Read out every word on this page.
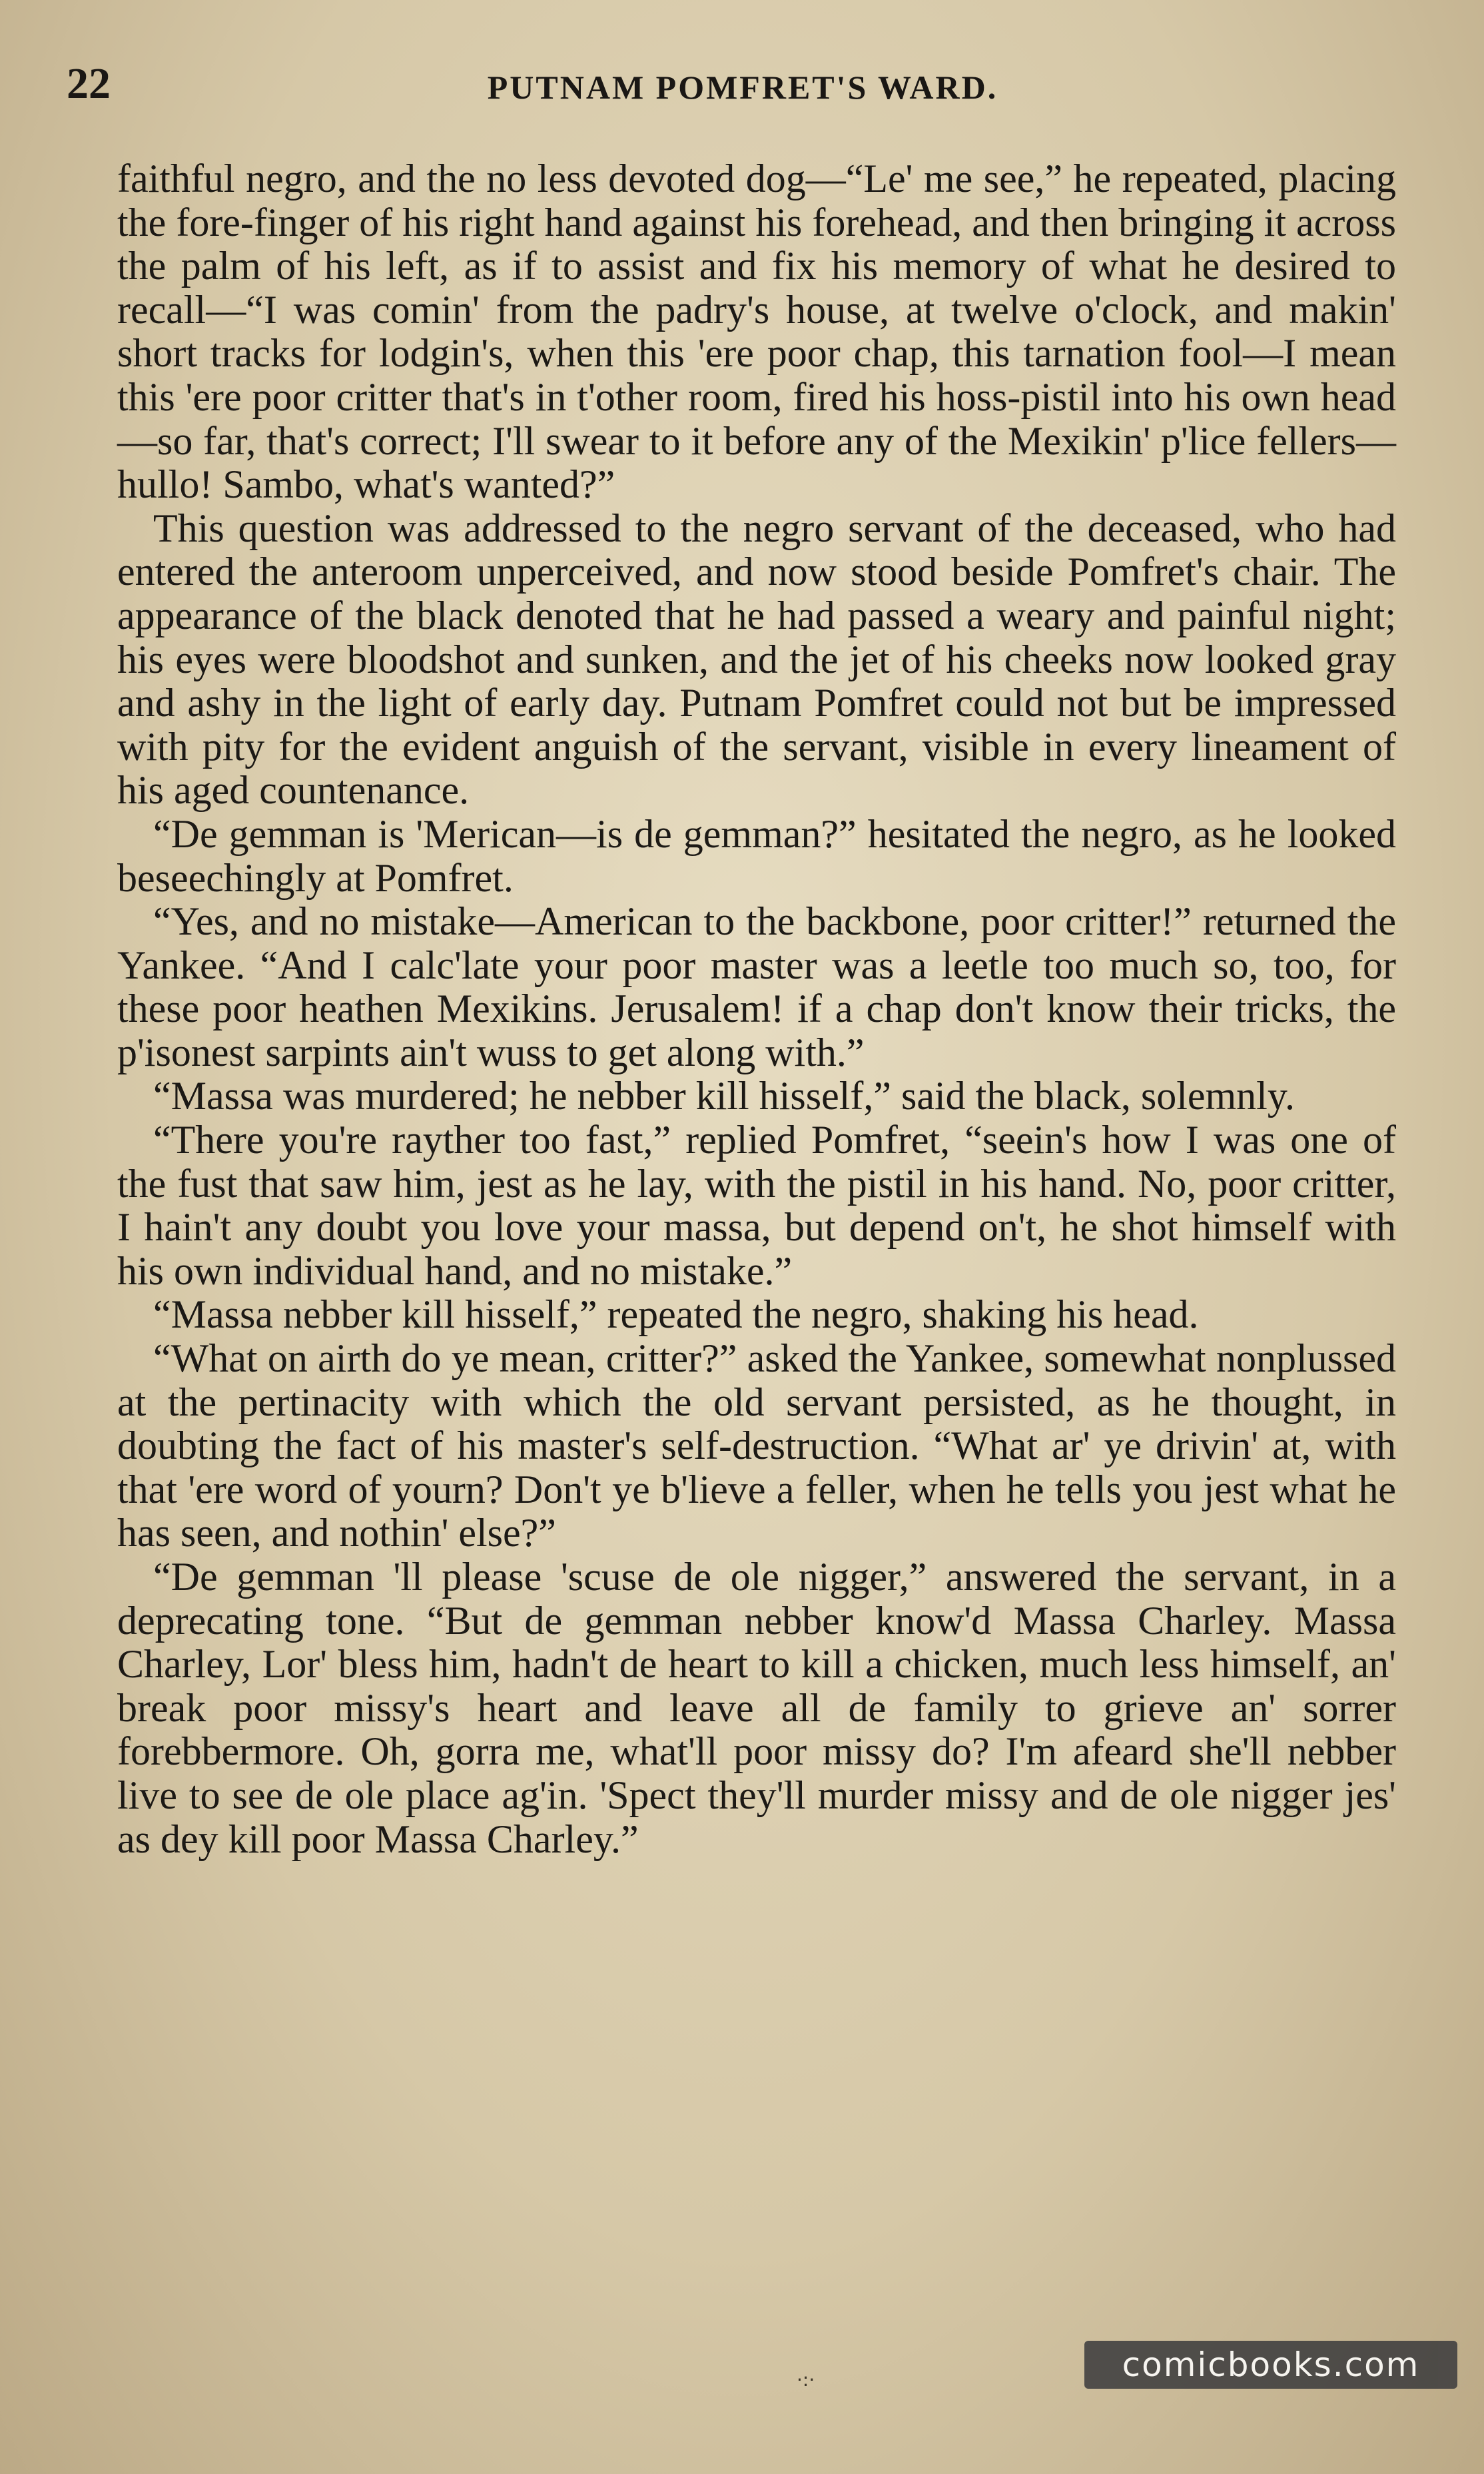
22	PUTNAM POMFRET'S WARD.

faithful negro, and the no less devoted dog—“Le' me see,” he repeated, placing the fore-finger of his right hand against his forehead, and then bringing it across the palm of his left, as if to assist and fix his memory of what he desired to recall—“I was comin' from the padry's house, at twelve o'clock, and makin' short tracks for lodgin's, when this 'ere poor chap, this tarnation fool—I mean this 'ere poor critter that's in t'other room, fired his hoss-pistil into his own head—so far, that's correct; I'll swear to it before any of the Mexikin' p'lice fellers—hullo! Sambo, what's wanted?”

This question was addressed to the negro servant of the deceased, who had entered the anteroom unperceived, and now stood beside Pomfret's chair. The appearance of the black denoted that he had passed a weary and painful night; his eyes were bloodshot and sunken, and the jet of his cheeks now looked gray and ashy in the light of early day. Putnam Pomfret could not but be impressed with pity for the evident anguish of the servant, visible in every lineament of his aged countenance.

“De gemman is 'Merican—is de gemman?” hesitated the negro, as he looked beseechingly at Pomfret.

“Yes, and no mistake—American to the backbone, poor critter!” returned the Yankee. “And I calc'late your poor master was a leetle too much so, too, for these poor heathen Mexikins. Jerusalem! if a chap don't know their tricks, the p'isonest sarpints ain't wuss to get along with.”

“Massa was murdered; he nebber kill hisself,” said the black, solemnly.

“There you're rayther too fast,” replied Pomfret, “seein's how I was one of the fust that saw him, jest as he lay, with the pistil in his hand. No, poor critter, I hain't any doubt you love your massa, but depend on't, he shot himself with his own individual hand, and no mistake.”

“Massa nebber kill hisself,” repeated the negro, shaking his head.

“What on airth do ye mean, critter?” asked the Yankee, somewhat nonplussed at the pertinacity with which the old servant persisted, as he thought, in doubting the fact of his master's self-destruction. “What ar' ye drivin' at, with that 'ere word of yourn? Don't ye b'lieve a feller, when he tells you jest what he has seen, and nothin' else?”

“De gemman 'll please 'scuse de ole nigger,” answered the servant, in a deprecating tone. “But de gemman nebber know'd Massa Charley. Massa Charley, Lor' bless him, hadn't de heart to kill a chicken, much less himself, an' break poor missy's heart and leave all de family to grieve an' sorrer forebbermore. Oh, gorra me, what'll poor missy do? I'm afeard she'll nebber live to see de ole place ag'in. 'Spect they'll murder missy and de ole nigger jes' as dey kill poor Massa Charley.”

·:·	comicbooks.com
